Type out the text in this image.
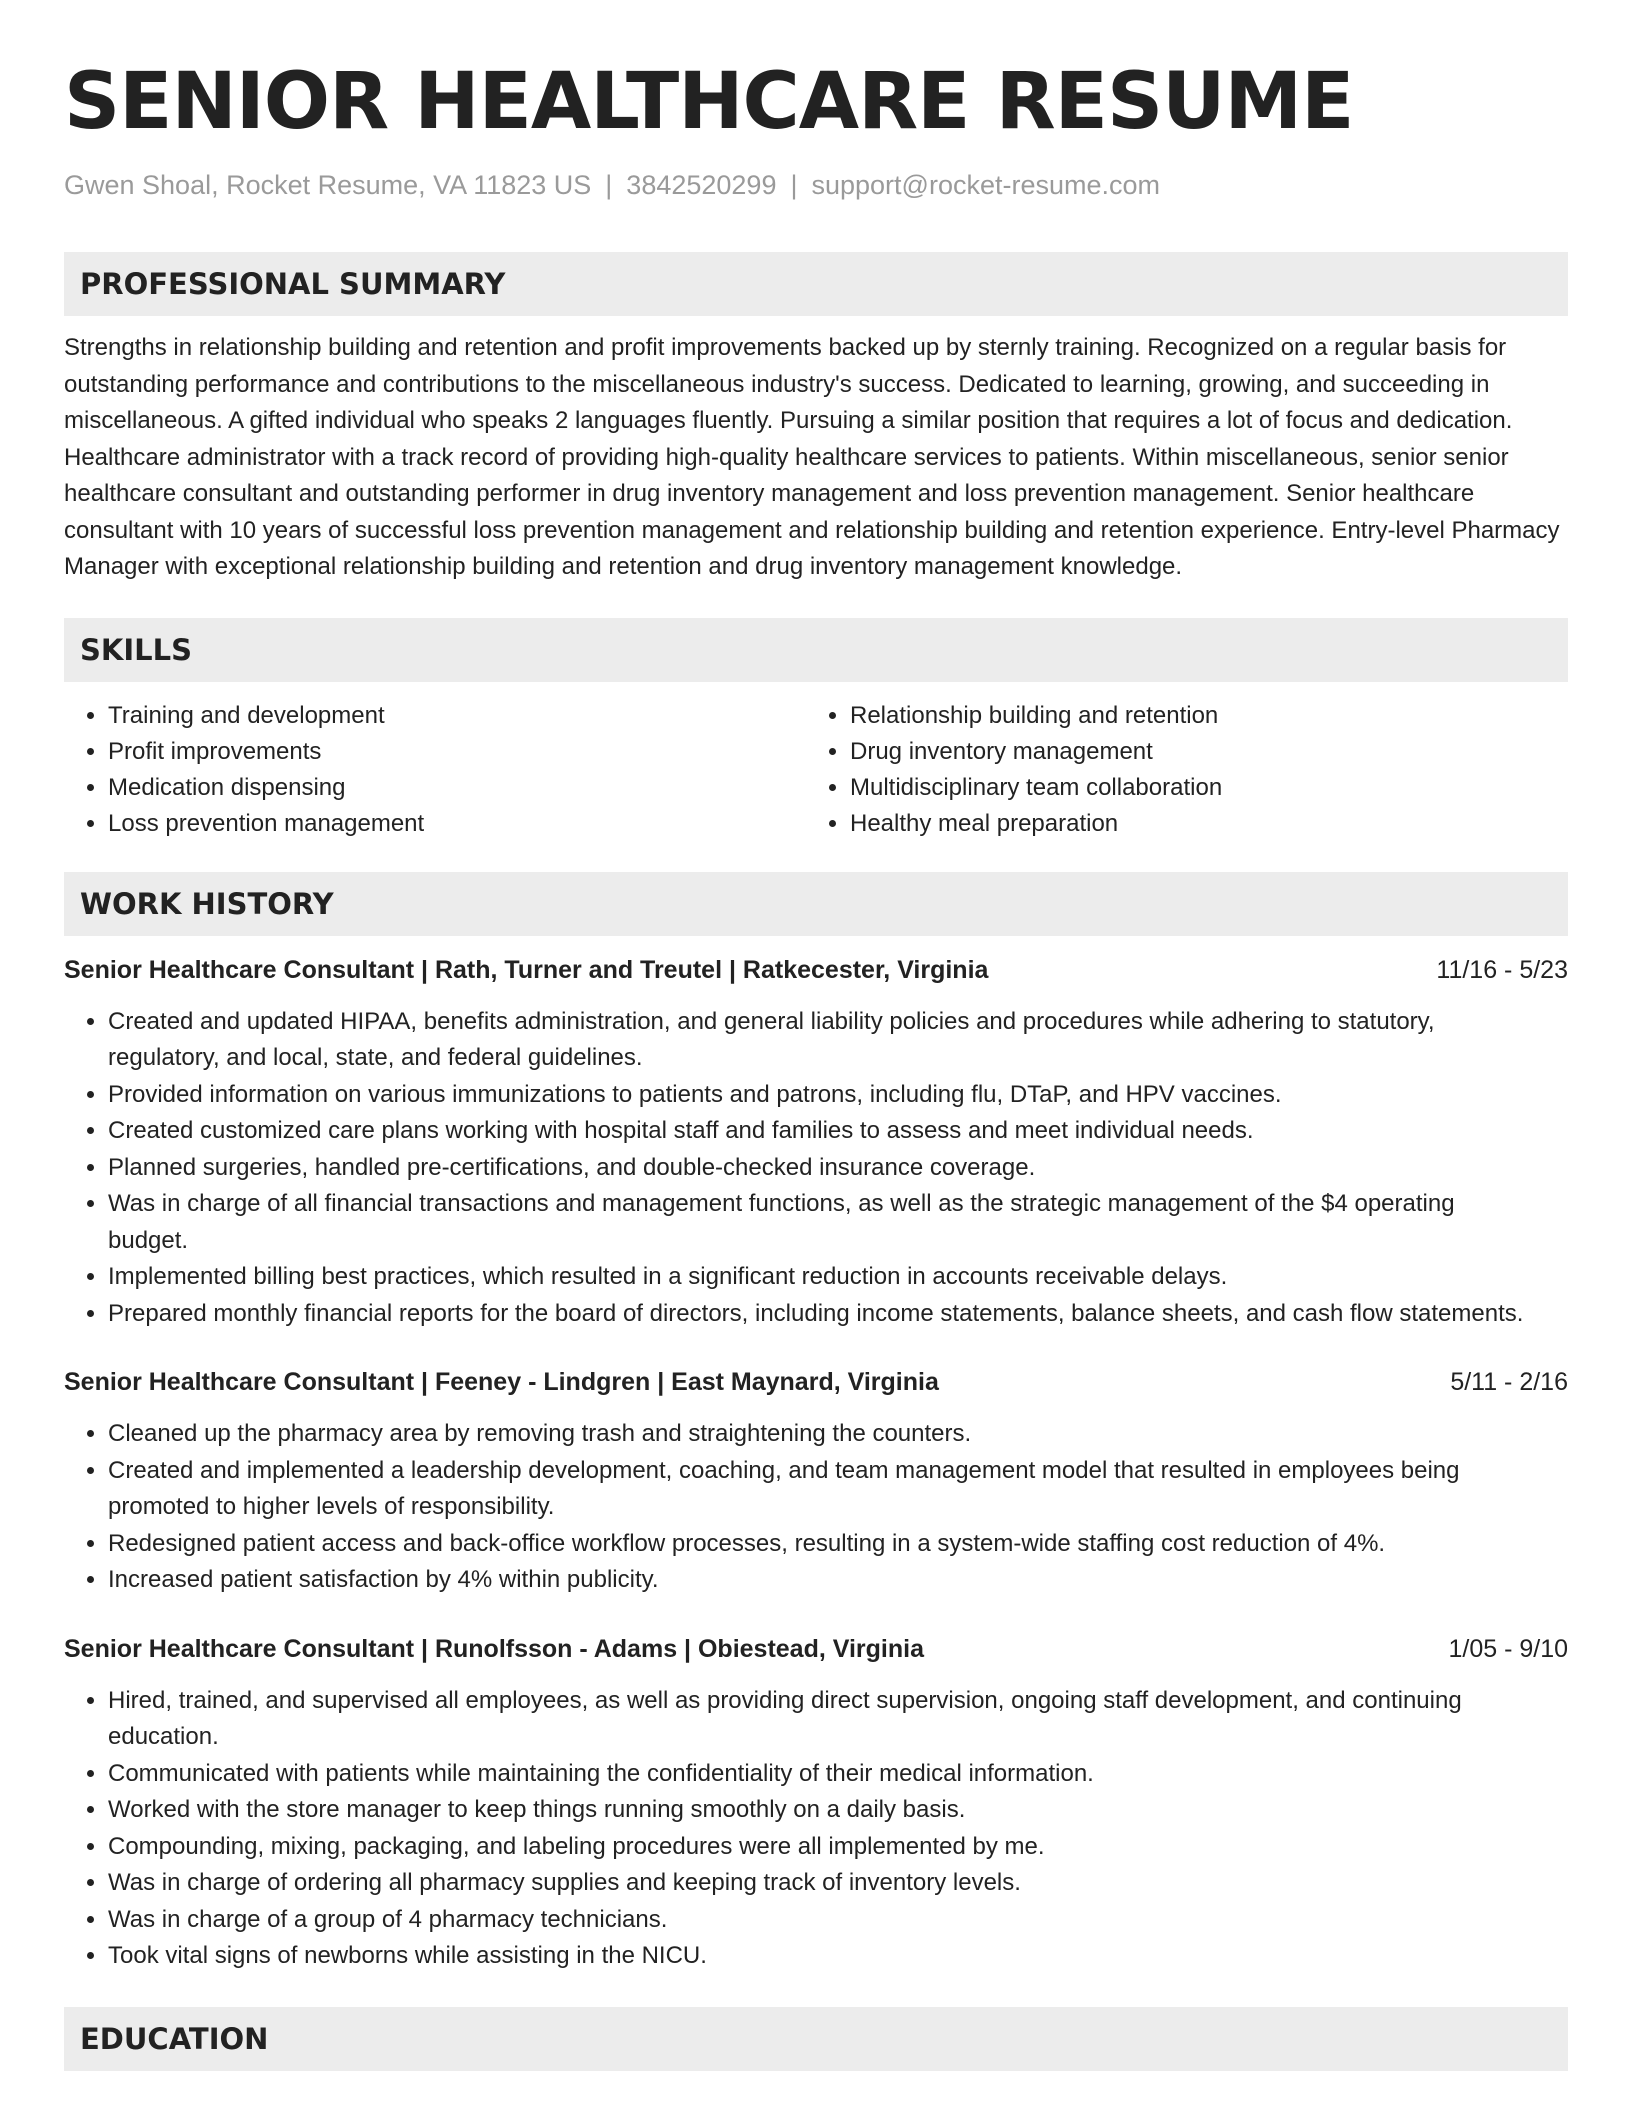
SENIOR HEALTHCARE RESUME
Gwen Shoal, Rocket Resume, VA 11823 US | 3842520299 | support@rocket-resume.com
PROFESSIONAL SUMMARY
Strengths in relationship building and retention and profit improvements backed up by sternly training. Recognized on a regular basis for outstanding performance and contributions to the miscellaneous industry's success. Dedicated to learning, growing, and succeeding in miscellaneous. A gifted individual who speaks 2 languages fluently. Pursuing a similar position that requires a lot of focus and dedication. Healthcare administrator with a track record of providing high-quality healthcare services to patients. Within miscellaneous, senior senior healthcare consultant and outstanding performer in drug inventory management and loss prevention management. Senior healthcare consultant with 10 years of successful loss prevention management and relationship building and retention experience. Entry-level Pharmacy Manager with exceptional relationship building and retention and drug inventory management knowledge.
SKILLS
• Training and development
• Profit improvements
• Medication dispensing
• Loss prevention management
• Relationship building and retention
• Drug inventory management
• Multidisciplinary team collaboration
• Healthy meal preparation
WORK HISTORY
Senior Healthcare Consultant | Rath, Turner and Treutel | Ratkecester, Virginia	11/16 - 5/23
• Created and updated HIPAA, benefits administration, and general liability policies and procedures while adhering to statutory, regulatory, and local, state, and federal guidelines.
• Provided information on various immunizations to patients and patrons, including flu, DTaP, and HPV vaccines.
• Created customized care plans working with hospital staff and families to assess and meet individual needs.
• Planned surgeries, handled pre-certifications, and double-checked insurance coverage.
• Was in charge of all financial transactions and management functions, as well as the strategic management of the $4 operating budget.
• Implemented billing best practices, which resulted in a significant reduction in accounts receivable delays.
• Prepared monthly financial reports for the board of directors, including income statements, balance sheets, and cash flow statements.
Senior Healthcare Consultant | Feeney - Lindgren | East Maynard, Virginia	5/11 - 2/16
• Cleaned up the pharmacy area by removing trash and straightening the counters.
• Created and implemented a leadership development, coaching, and team management model that resulted in employees being promoted to higher levels of responsibility.
• Redesigned patient access and back-office workflow processes, resulting in a system-wide staffing cost reduction of 4%.
• Increased patient satisfaction by 4% within publicity.
Senior Healthcare Consultant | Runolfsson - Adams | Obiestead, Virginia	1/05 - 9/10
• Hired, trained, and supervised all employees, as well as providing direct supervision, ongoing staff development, and continuing education.
• Communicated with patients while maintaining the confidentiality of their medical information.
• Worked with the store manager to keep things running smoothly on a daily basis.
• Compounding, mixing, packaging, and labeling procedures were all implemented by me.
• Was in charge of ordering all pharmacy supplies and keeping track of inventory levels.
• Was in charge of a group of 4 pharmacy technicians.
• Took vital signs of newborns while assisting in the NICU.
EDUCATION
